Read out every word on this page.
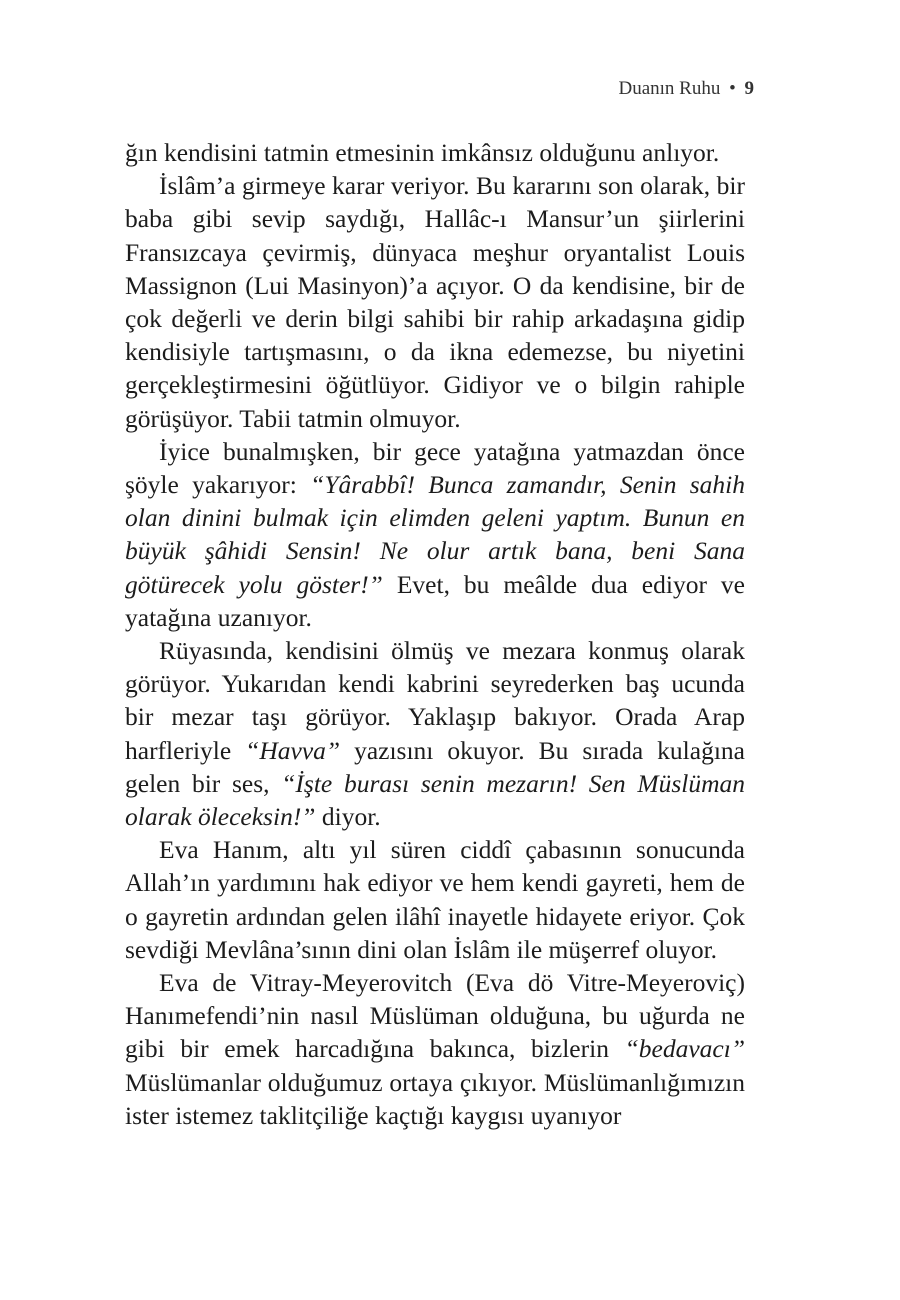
Duanın Ruhu • 9

ğın kendisini tatmin etmesinin imkânsız olduğunu anlıyor.

İslâm’a girmeye karar veriyor. Bu kararını son olarak, bir baba gibi sevip saydığı, Hallâc-ı Mansur’un şiirlerini Fransızcaya çevirmiş, dünyaca meşhur oryantalist Louis Massignon (Lui Masinyon)’a açıyor. O da kendisine, bir de çok değerli ve derin bilgi sahibi bir rahip arkadaşına gidip kendisiyle tartışmasını, o da ikna edemezse, bu niyetini gerçekleştirmesini öğütlüyor. Gidiyor ve o bilgin rahiple görüşüyor. Tabii tatmin olmuyor.

İyice bunalmışken, bir gece yatağına yatmazdan önce şöyle yakarıyor: “Yârabbî! Bunca zamandır, Senin sahih olan dinini bulmak için elimden geleni yaptım. Bunun en büyük şâhidi Sensin! Ne olur artık bana, beni Sana götürecek yolu göster!” Evet, bu meâlde dua ediyor ve yatağına uzanıyor.

Rüyasında, kendisini ölmüş ve mezara konmuş olarak görüyor. Yukarıdan kendi kabrini seyrederken baş ucunda bir mezar taşı görüyor. Yaklaşıp bakıyor. Orada Arap harfleriyle “Havva” yazısını okuyor. Bu sırada kulağına gelen bir ses, “İşte burası senin mezarın! Sen Müslüman olarak öleceksin!” diyor.

Eva Hanım, altı yıl süren ciddî çabasının sonucunda Allah’ın yardımını hak ediyor ve hem kendi gayreti, hem de o gayretin ardından gelen ilâhî inayetle hidayete eriyor. Çok sevdiği Mevlâna’sının dini olan İslâm ile müşerref oluyor.

Eva de Vitray-Meyerovitch (Eva dö Vitre-Meyeroviç) Hanımefendi’nin nasıl Müslüman olduğuna, bu uğurda ne gibi bir emek harcadığına bakınca, bizlerin “bedavacı” Müslümanlar olduğumuz ortaya çıkıyor. Müslümanlığımızın ister istemez taklitçiliğe kaçtığı kaygısı uyanıyor
